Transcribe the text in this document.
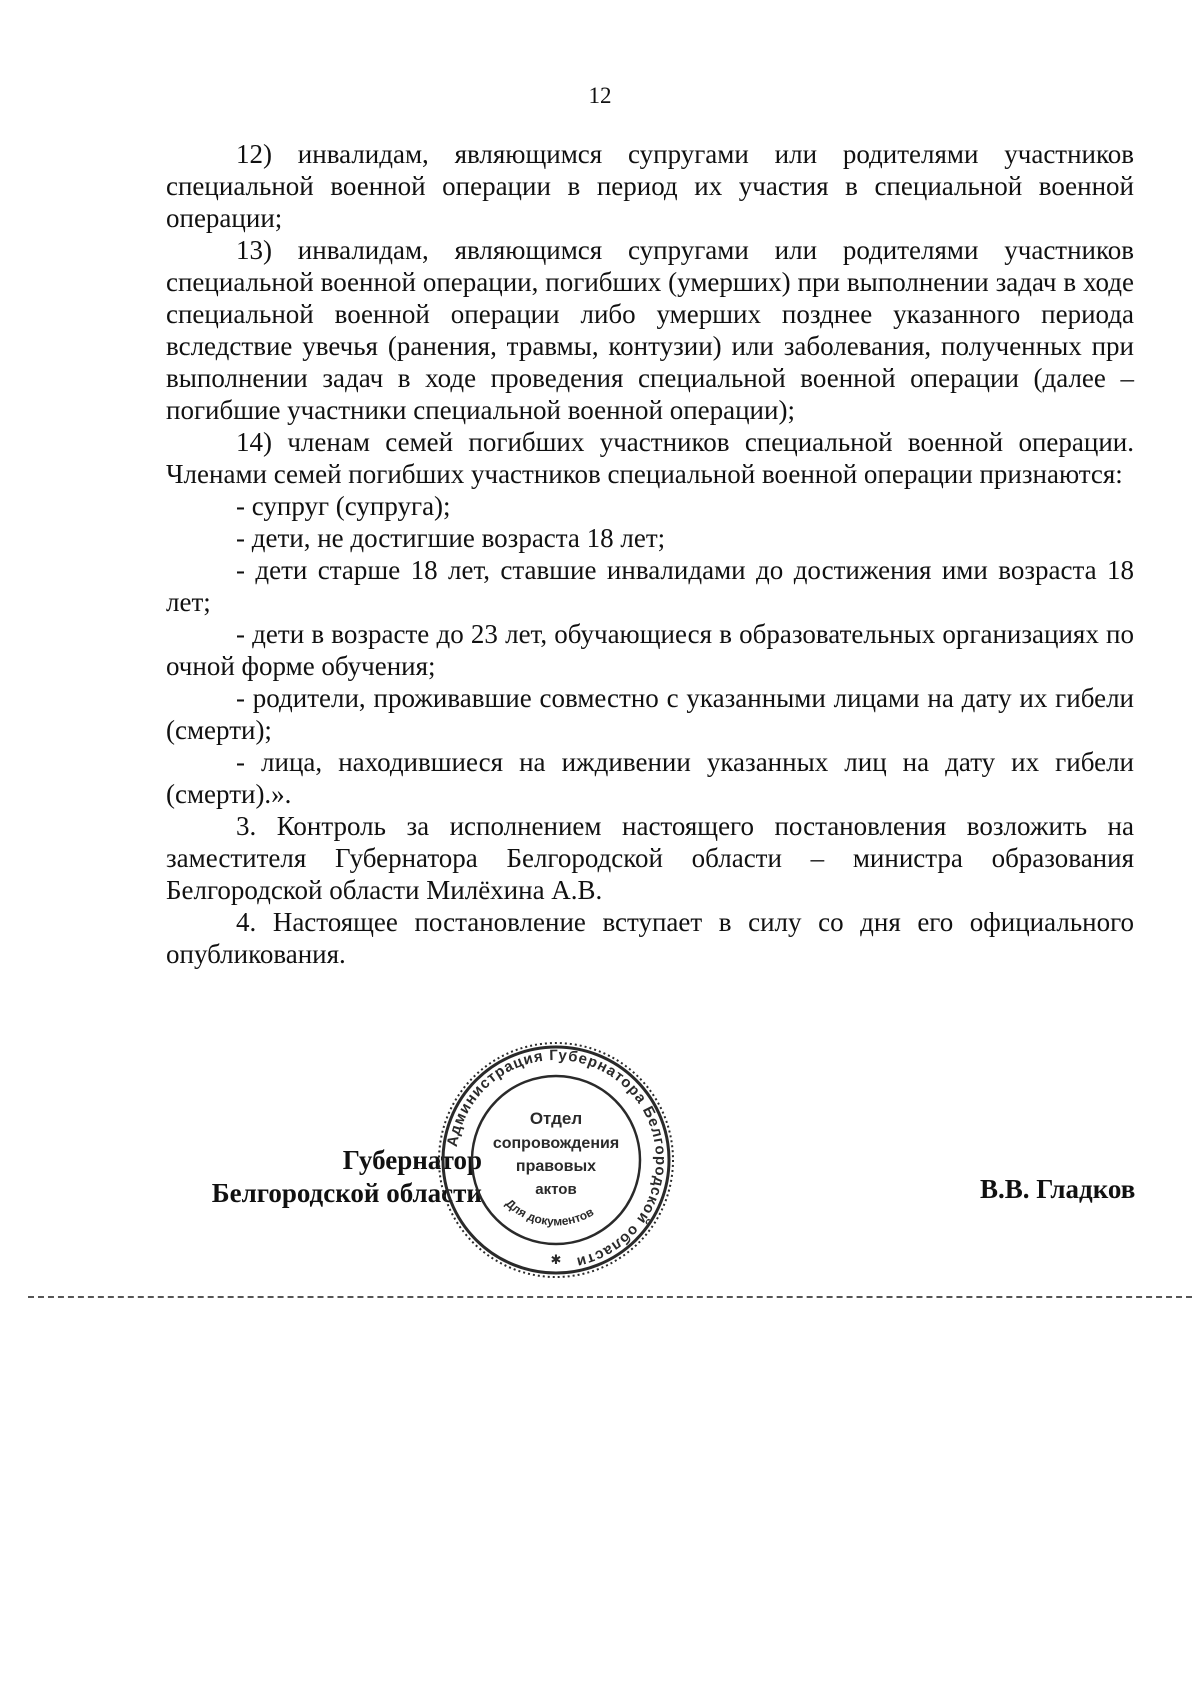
12

12) инвалидам, являющимся супругами или родителями участников специальной военной операции в период их участия в специальной военной операции;

13) инвалидам, являющимся супругами или родителями участников специальной военной операции, погибших (умерших) при выполнении задач в ходе специальной военной операции либо умерших позднее указанного периода вследствие увечья (ранения, травмы, контузии) или заболевания, полученных при выполнении задач в ходе проведения специальной военной операции (далее – погибшие участники специальной военной операции);

14) членам семей погибших участников специальной военной операции. Членами семей погибших участников специальной военной операции признаются:

- супруг (супруга);

- дети, не достигшие возраста 18 лет;

- дети старше 18 лет, ставшие инвалидами до достижения ими возраста 18 лет;

- дети в возрасте до 23 лет, обучающиеся в образовательных организациях по очной форме обучения;

- родители, проживавшие совместно с указанными лицами на дату их гибели (смерти);

- лица, находившиеся на иждивении указанных лиц на дату их гибели (смерти).».

3. Контроль за исполнением настоящего постановления возложить на заместителя Губернатора Белгородской области – министра образования Белгородской области Милёхина А.В.

4. Настоящее постановление вступает в силу со дня его официального опубликования.

Губернатор
Белгородской области
Администрация Губернатора Белгородской области
Отдел
сопровождения
правовых
актов
Для документов
✱
В.В. Гладков
